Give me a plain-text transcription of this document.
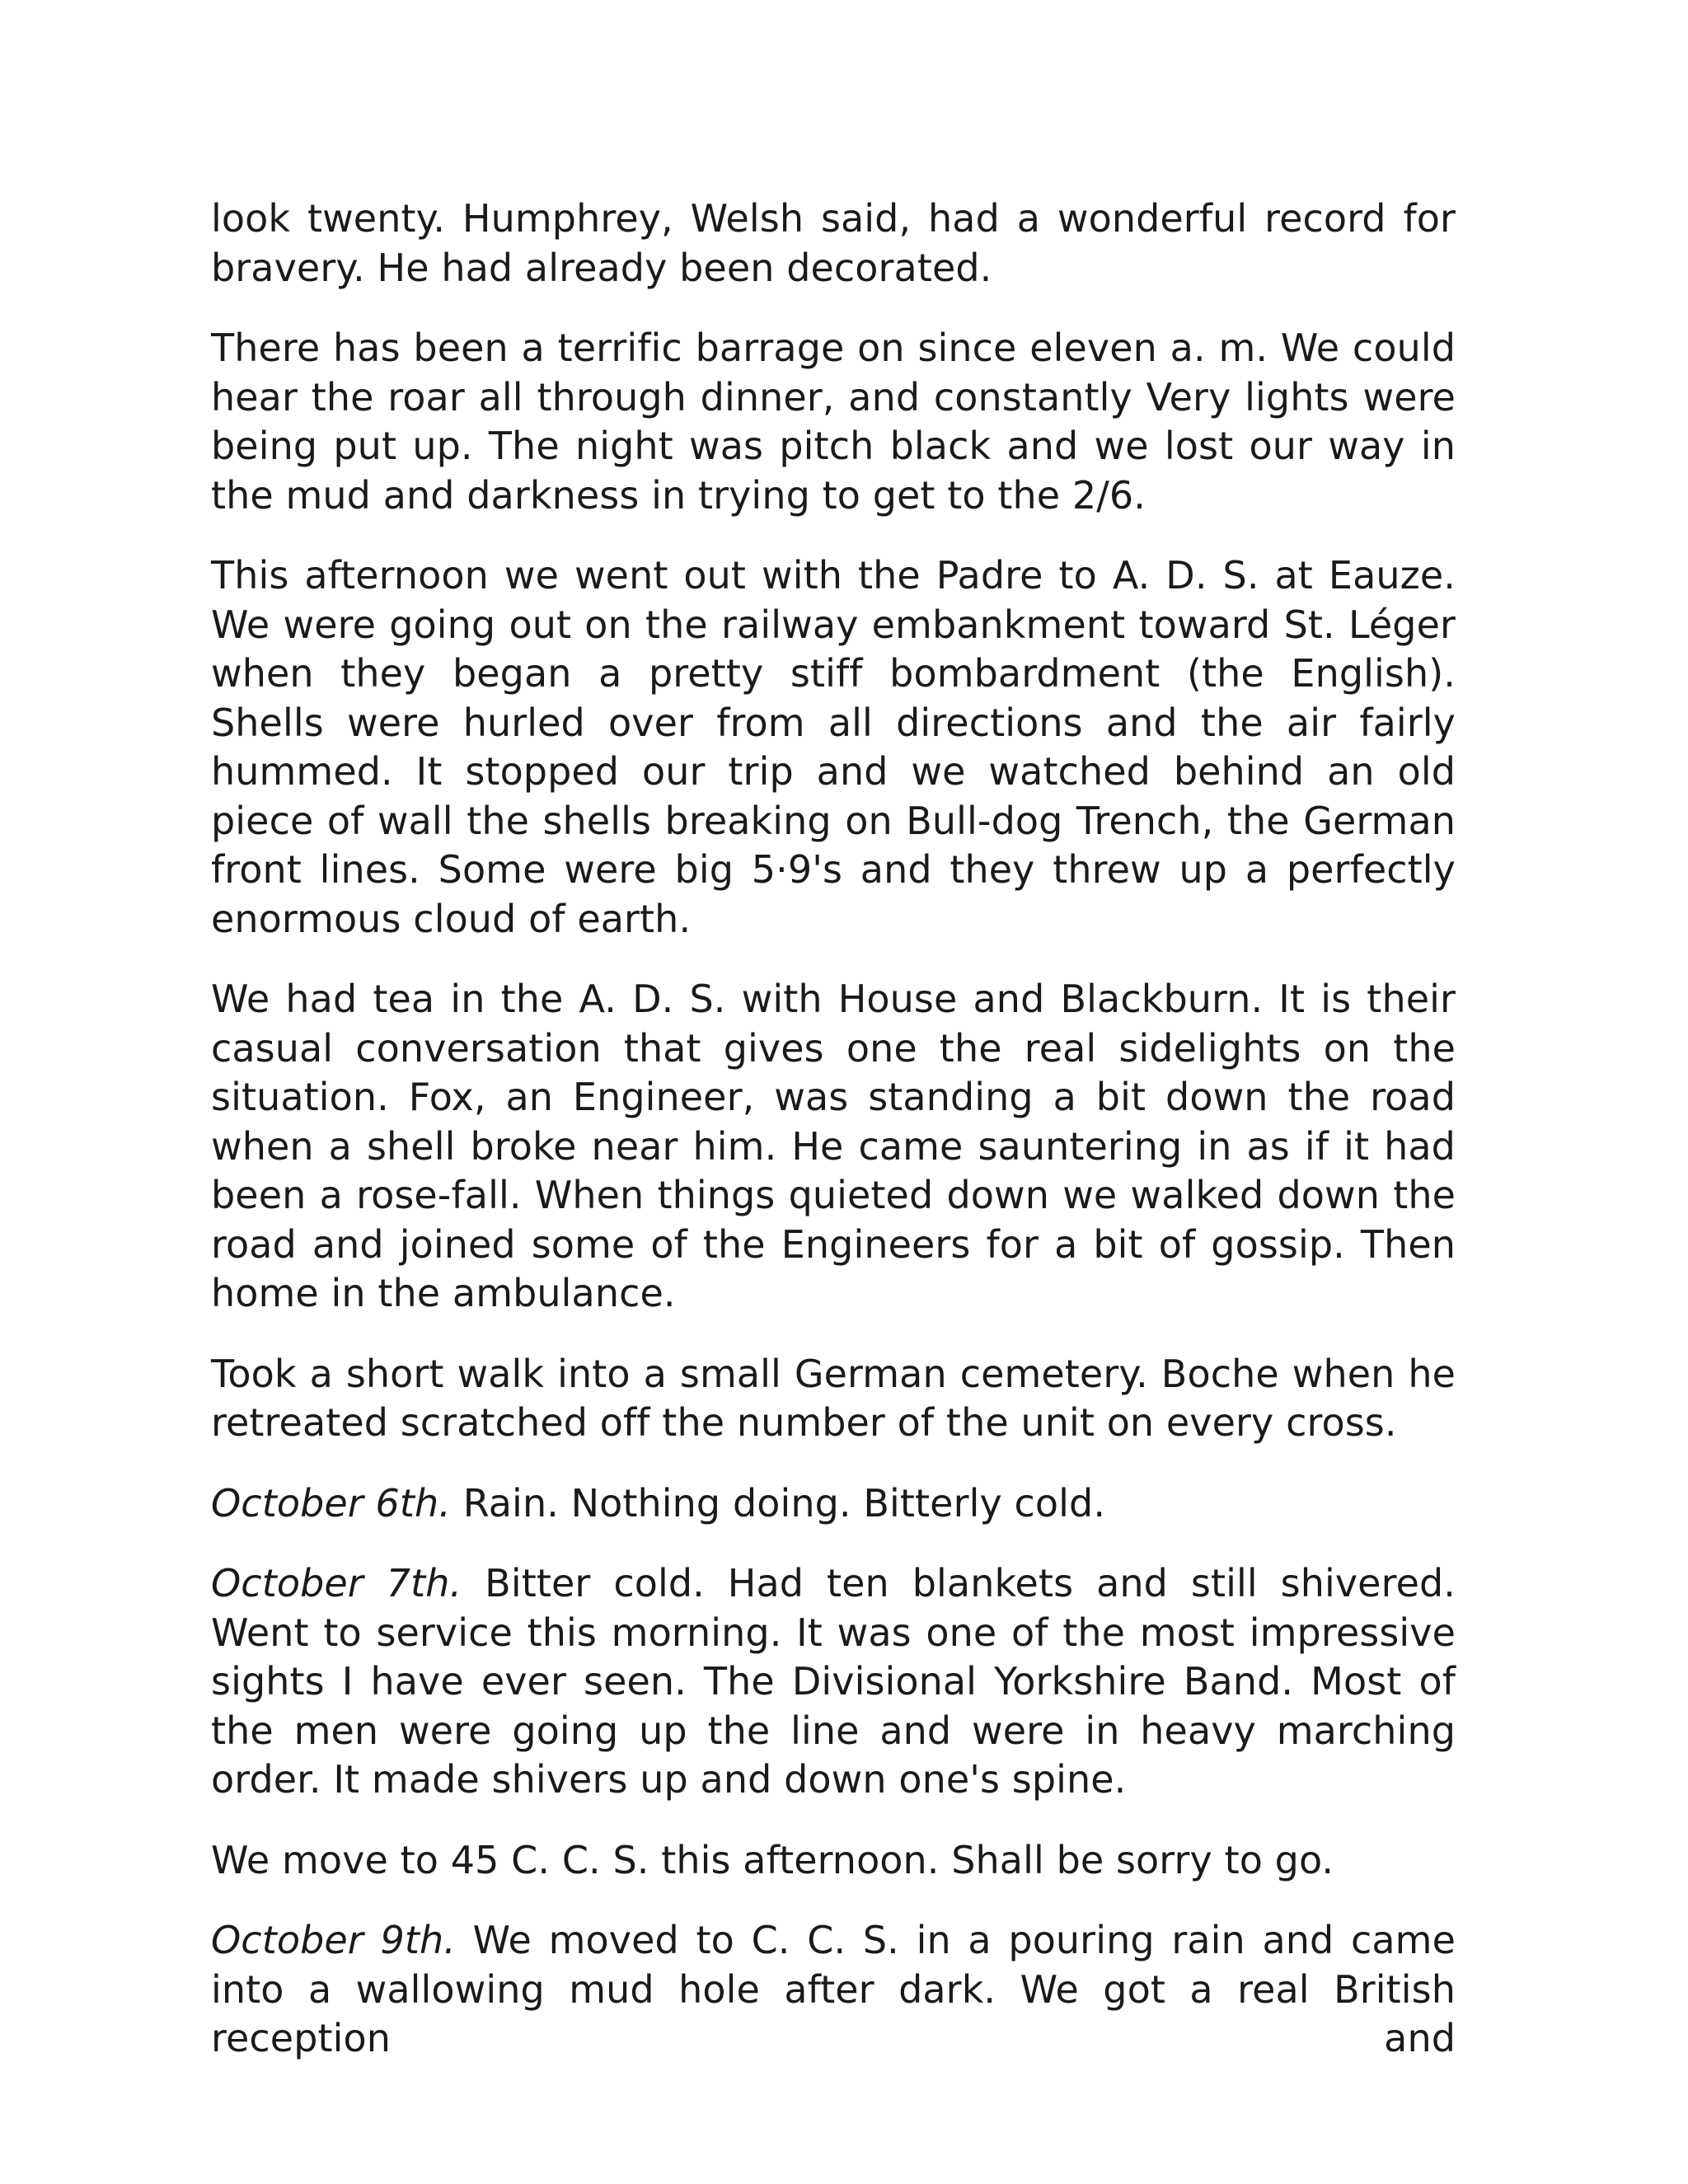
look twenty. Humphrey, Welsh said, had a wonderful record for bravery. He had already been decorated.

There has been a terrific barrage on since eleven a. m. We could hear the roar all through dinner, and constantly Very lights were being put up. The night was pitch black and we lost our way in the mud and darkness in trying to get to the 2/6.

This afternoon we went out with the Padre to A. D. S. at Eauze. We were going out on the railway embankment toward St. Léger when they began a pretty stiff bombardment (the English). Shells were hurled over from all directions and the air fairly hummed. It stopped our trip and we watched behind an old piece of wall the shells breaking on Bull-dog Trench, the German front lines. Some were big 5·9's and they threw up a perfectly enormous cloud of earth.

We had tea in the A. D. S. with House and Blackburn. It is their casual conversation that gives one the real sidelights on the situation. Fox, an Engineer, was standing a bit down the road when a shell broke near him. He came sauntering in as if it had been a rose-fall. When things quieted down we walked down the road and joined some of the Engineers for a bit of gossip. Then home in the ambulance.

Took a short walk into a small German cemetery. Boche when he retreated scratched off the number of the unit on every cross.

October 6th. Rain. Nothing doing. Bitterly cold.

October 7th. Bitter cold. Had ten blankets and still shivered. Went to service this morning. It was one of the most impressive sights I have ever seen. The Divisional Yorkshire Band. Most of the men were going up the line and were in heavy marching order. It made shivers up and down one's spine.

We move to 45 C. C. S. this afternoon. Shall be sorry to go.

October 9th. We moved to C. C. S. in a pouring rain and came into a wallowing mud hole after dark. We got a real British reception and
